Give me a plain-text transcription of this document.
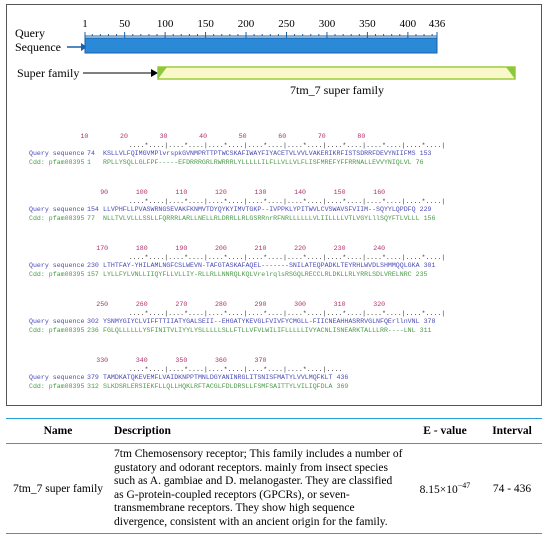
Query
Sequence
1	50 100 150 200 250 300 350 400 436
Super family
7tm_7 super family
10        20        30        40        50        60        70        80
....*....|....*....|....*....|....*....|....*....|....*....|....*....|....*....|
Query sequence 74 KSLLVLFQIMGVMPlvrspkGVNMPRTTPTWCSKAFIWAYFIYACETVLVVLVAKERIKRFISTSDRRFDEVYNIIFMS 153
Cdd: pfam08395 1 RPLLYSQLLGLFPF-----EFDRRRGRLRWRRRLYLLLLLILFLLVLLVLFLISFMREFYFFRRNALLEVVYNIQLVL 76
90       100       110       120       130       140       150       160
....*....|....*....|....*....|....*....|....*....|....*....|....*....|....*....|
Query sequence 154 LLVPHFLLPVASWRNGSEVAKFKNMVTDYQYKYIMVTGKP--IVPPKLYPITWVLCVSWAVSFVIIM--SQYYLQPDFQ 229
Cdd: pfam08395 77 NLLTVLVLLLSSLLFQRRRLARLLNELLRLDRRLLRLGSRRnrRFNRLLLLLLVLIILLLLVTLVGYLllSQYFTLVLLL 156
170       180       190       200       210       220       230       240
....*....|....*....|....*....|....*....|....*....|....*....|....*....|....*....|
Query sequence 230 LTHTFAY-YHILAMLNGFCSLWEVN-TAFGTASKAFAQEL-------SNILATEQPADKLTEYRHLWVDLSHMMQQLGKA 301
Cdd: pfam08395 157 LYLLFYLVNLLIIQYFLLVLLIY-RLLRLLNNRQLKQLVrelrqlsRSGQLRECCLRLDKLLRLYRRLSDLVRELNRC 235
250       260       270       280       290       300       310       320
....*....|....*....|....*....|....*....|....*....|....*....|....*....|....*....|
Query sequence 302 YSNMYGIYCLVIFFTTIIATYGALSEII--EHGATYKEVGLFVIVFYCMGLL-FIICNEAHHASRRVGLNFQErllnVNL 378
Cdd: pfam08395 236 FGLQLLLLLLYSFINITVLIYYLYSLLLLLSLLFTLLVFVLWILIFLLLLLIVYACNLISNEARKTALLLRR----LNL 311
330       340       350       360       370
....*....|....*....|....*....|....*....|....*....|....
Query sequence 379 TAMDKATQKEVEMFLVAIDKNPPTMNLDGYANINRGLITSNISFMATYLVVLMQFKLT 436
Cdd: pfam08395 312 SLKDSRLERSIEKFLLQLLHQKLRFTACGLFDLDRSLLFSMFSAITTYLVILIQFDLA 369
Name	Description	E - value	Interval
7tm_7 super family	7tm Chemosensory receptor; This family includes a number of gustatory and odorant receptors. mainly from insect species such as A. gambiae and D. melanogaster. They are classified as G-protein-coupled receptors (GPCRs), or seven-transmembrane receptors. They show high sequence divergence, consistent with an ancient origin for the family.	$8.15\times 10^{-47}$	74 - 436
